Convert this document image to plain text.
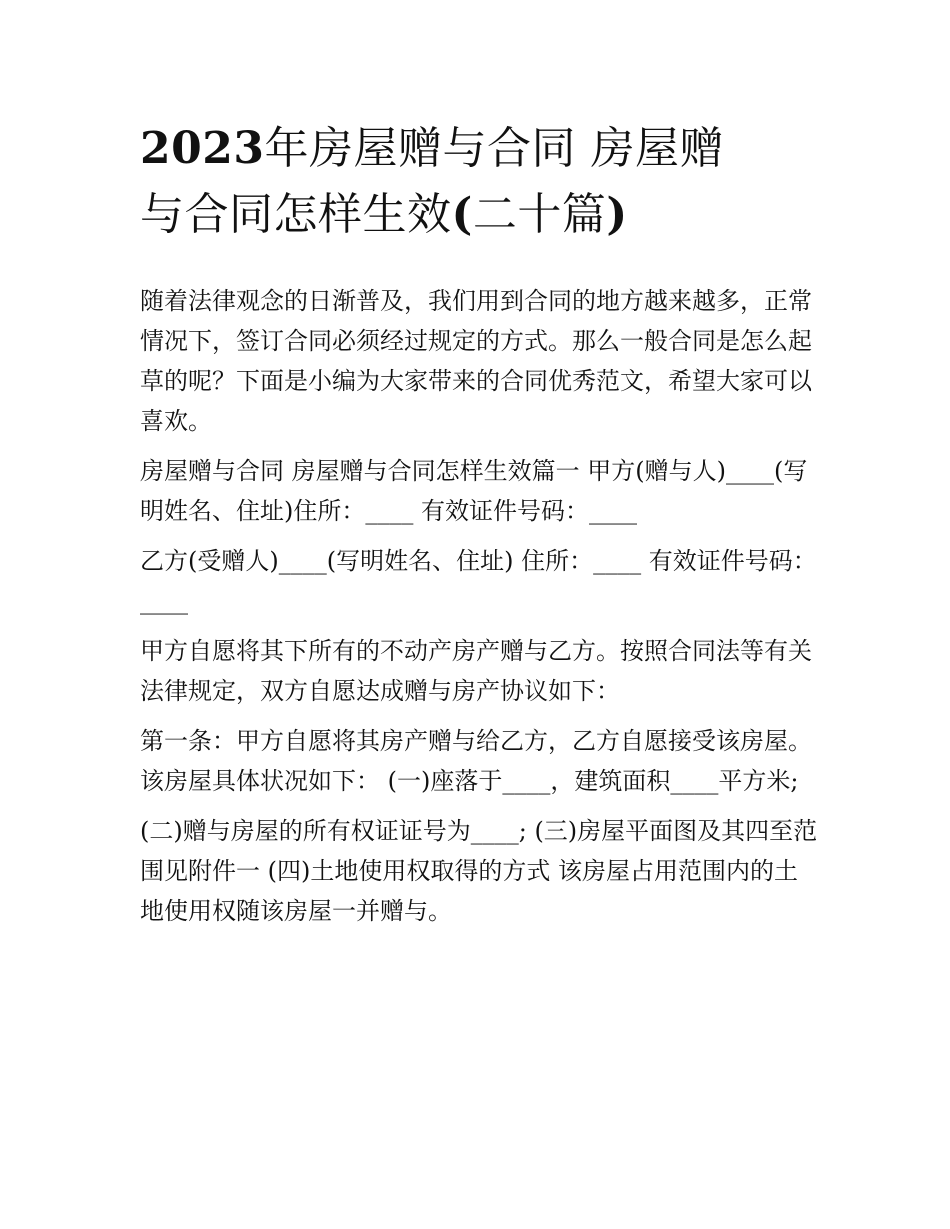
2023年房屋赠与合同 房屋赠
与合同怎样生效(二十篇)

随着法律观念的日渐普及，我们用到合同的地方越来越多，正常情况下，签订合同必须经过规定的方式。那么一般合同是怎么起草的呢？下面是小编为大家带来的合同优秀范文，希望大家可以喜欢。

房屋赠与合同 房屋赠与合同怎样生效篇一 甲方(赠与人)____(写明姓名、住址)住所：____ 有效证件号码：____

乙方(受赠人)____(写明姓名、住址) 住所：____ 有效证件号码：____

甲方自愿将其下所有的不动产房产赠与乙方。按照合同法等有关法律规定，双方自愿达成赠与房产协议如下：

第一条：甲方自愿将其房产赠与给乙方，乙方自愿接受该房屋。该房屋具体状况如下： (一)座落于____，建筑面积____平方米;

(二)赠与房屋的所有权证证号为____; (三)房屋平面图及其四至范围见附件一 (四)土地使用权取得的方式 该房屋占用范围内的土地使用权随该房屋一并赠与。
